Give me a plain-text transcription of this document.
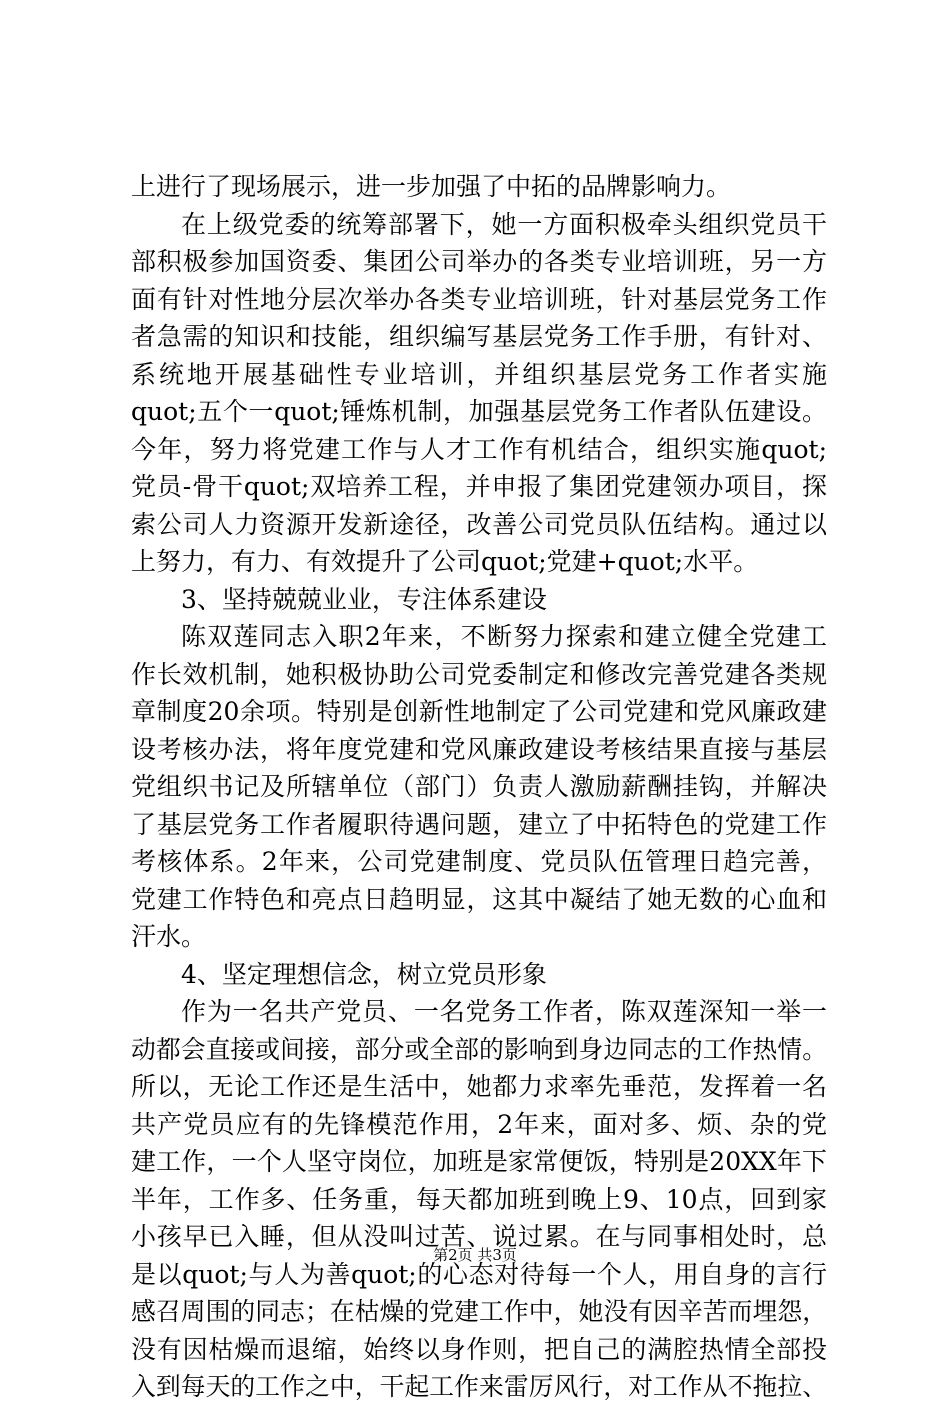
上进行了现场展示，进一步加强了中拓的品牌影响力。
在上级党委的统筹部署下，她一方面积极牵头组织党员干
部积极参加国资委、集团公司举办的各类专业培训班，另一方
面有针对性地分层次举办各类专业培训班，针对基层党务工作
者急需的知识和技能，组织编写基层党务工作手册，有针对、
系统地开展基础性专业培训，并组织基层党务工作者实施
quot;五个一quot;锤炼机制，加强基层党务工作者队伍建设。
今年，努力将党建工作与人才工作有机结合，组织实施quot;
党员-骨干quot;双培养工程，并申报了集团党建领办项目，探
索公司人力资源开发新途径，改善公司党员队伍结构。通过以
上努力，有力、有效提升了公司quot;党建+quot;水平。
3、坚持兢兢业业，专注体系建设
陈双莲同志入职2年来，不断努力探索和建立健全党建工
作长效机制，她积极协助公司党委制定和修改完善党建各类规
章制度20余项。特别是创新性地制定了公司党建和党风廉政建
设考核办法，将年度党建和党风廉政建设考核结果直接与基层
党组织书记及所辖单位（部门）负责人激励薪酬挂钩，并解决
了基层党务工作者履职待遇问题，建立了中拓特色的党建工作
考核体系。2年来，公司党建制度、党员队伍管理日趋完善，
党建工作特色和亮点日趋明显，这其中凝结了她无数的心血和
汗水。
4、坚定理想信念，树立党员形象
作为一名共产党员、一名党务工作者，陈双莲深知一举一
动都会直接或间接，部分或全部的影响到身边同志的工作热情。
所以，无论工作还是生活中，她都力求率先垂范，发挥着一名
共产党员应有的先锋模范作用，2年来，面对多、烦、杂的党
建工作，一个人坚守岗位，加班是家常便饭，特别是20XX年下
半年，工作多、任务重，每天都加班到晚上9、10点，回到家
小孩早已入睡，但从没叫过苦、说过累。在与同事相处时，总
是以quot;与人为善quot;的心态对待每一个人，用自身的言行
感召周围的同志；在枯燥的党建工作中，她没有因辛苦而埋怨，
没有因枯燥而退缩，始终以身作则，把自己的满腔热情全部投
入到每天的工作之中，干起工作来雷厉风行，对工作从不拖拉、
第2页 共3页
